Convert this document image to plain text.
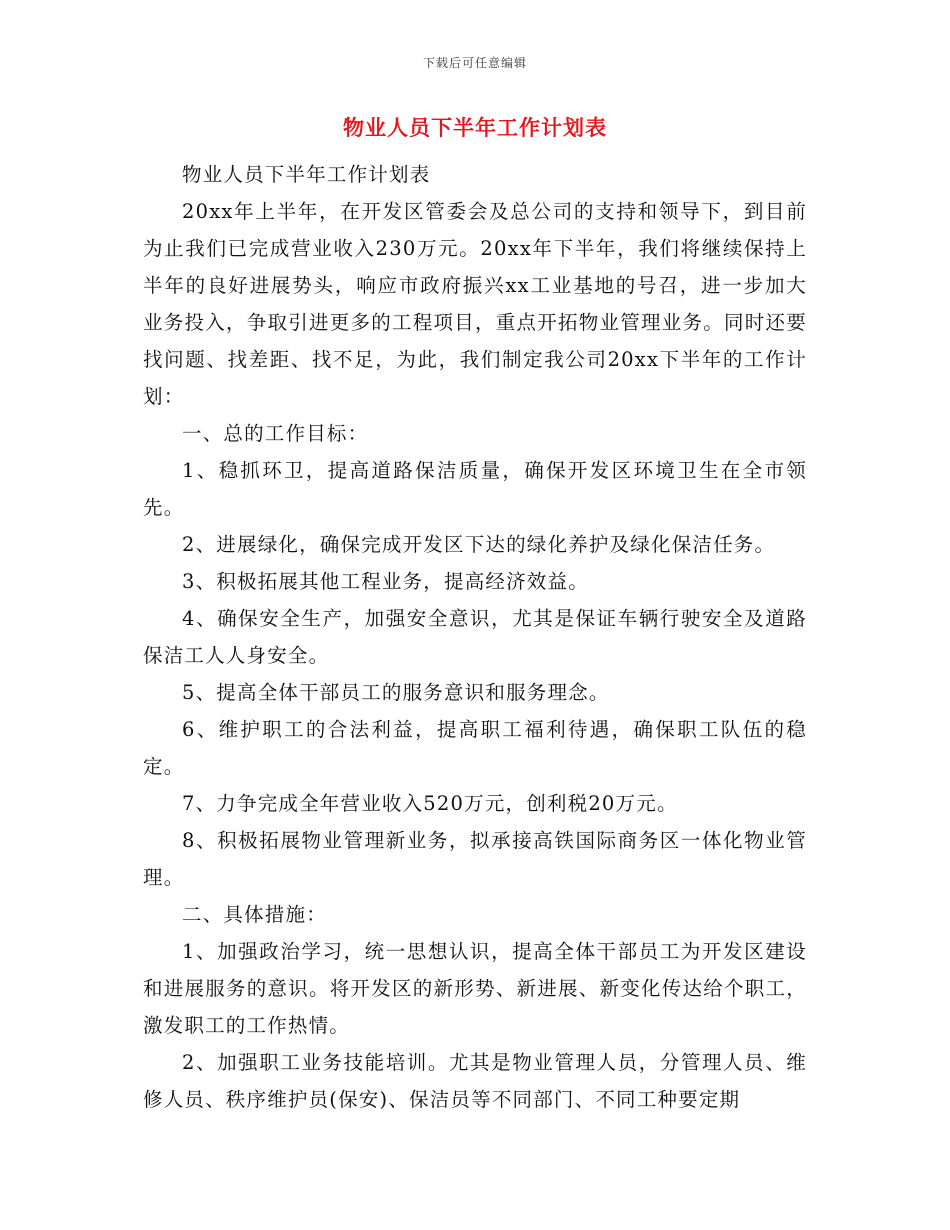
下载后可任意编辑
物业人员下半年工作计划表

物业人员下半年工作计划表

20xx年上半年，在开发区管委会及总公司的支持和领导下，到目前为止我们已完成营业收入230万元。20xx年下半年，我们将继续保持上半年的良好进展势头，响应市政府振兴xx工业基地的号召，进一步加大业务投入，争取引进更多的工程项目，重点开拓物业管理业务。同时还要找问题、找差距、找不足，为此，我们制定我公司20xx下半年的工作计划：

一、总的工作目标：

1、稳抓环卫，提高道路保洁质量，确保开发区环境卫生在全市领先。

2、进展绿化，确保完成开发区下达的绿化养护及绿化保洁任务。

3、积极拓展其他工程业务，提高经济效益。

4、确保安全生产，加强安全意识，尤其是保证车辆行驶安全及道路保洁工人人身安全。

5、提高全体干部员工的服务意识和服务理念。

6、维护职工的合法利益，提高职工福利待遇，确保职工队伍的稳定。

7、力争完成全年营业收入520万元，创利税20万元。

8、积极拓展物业管理新业务，拟承接高铁国际商务区一体化物业管理。

二、具体措施：

1、加强政治学习，统一思想认识，提高全体干部员工为开发区建设和进展服务的意识。将开发区的新形势、新进展、新变化传达给个职工，激发职工的工作热情。

2、加强职工业务技能培训。尤其是物业管理人员，分管理人员、维修人员、秩序维护员(保安)、保洁员等不同部门、不同工种要定期
